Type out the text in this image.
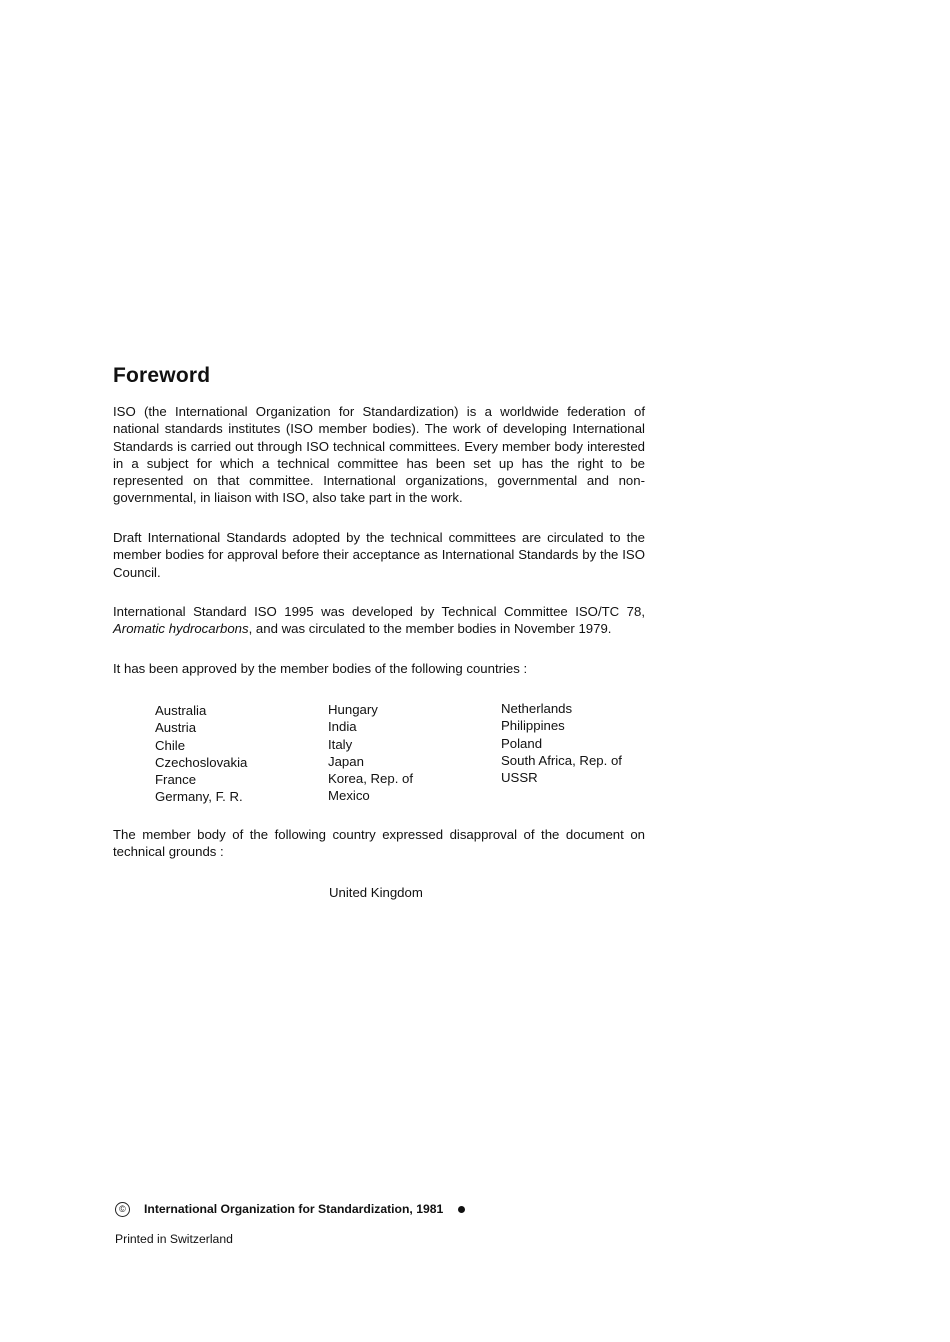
Foreword

ISO (the International Organization for Standardization) is a worldwide federation of national standards institutes (ISO member bodies). The work of developing International Standards is carried out through ISO technical committees. Every member body interested in a subject for which a technical committee has been set up has the right to be represented on that committee. International organizations, governmental and non-governmental, in liaison with ISO, also take part in the work.

Draft International Standards adopted by the technical committees are circulated to the member bodies for approval before their acceptance as International Standards by the ISO Council.

International Standard ISO 1995 was developed by Technical Committee ISO/TC 78, Aromatic hydrocarbons, and was circulated to the member bodies in November 1979.

It has been approved by the member bodies of the following countries :

Australia
Austria
Chile
Czechoslovakia
France
Germany, F. R.
Hungary
India
Italy
Japan
Korea, Rep. of
Mexico
Netherlands
Philippines
Poland
South Africa, Rep. of
USSR

The member body of the following country expressed disapproval of the document on technical grounds :

United Kingdom
©	International Organization for Standardization, 1981
Printed in Switzerland
